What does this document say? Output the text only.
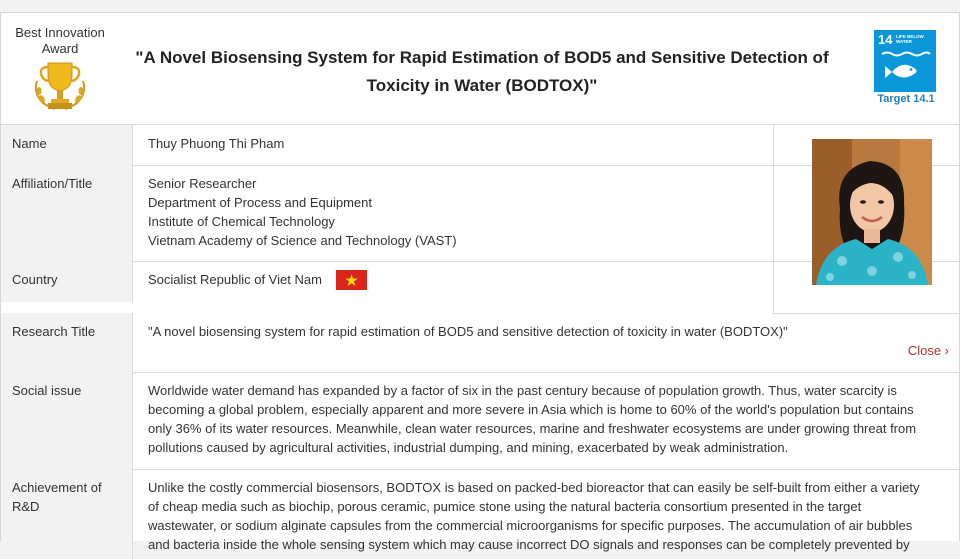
Best Innovation Award	"A Novel Biosensing System for Rapid Estimation of BOD5 and Sensitive Detection of Toxicity in Water (BODTOX)"
14 LIFE BELOW WATER
Target 14.1
Name	Thuy Phuong Thi Pham
Affiliation/Title	Senior Researcher
Department of Process and Equipment
Institute of Chemical Technology
Vietnam Academy of Science and Technology (VAST)
Country	Socialist Republic of Viet Nam
Research Title	"A novel biosensing system for rapid estimation of BOD5 and sensitive detection of toxicity in water (BODTOX)"
Close ›
Social issue	Worldwide water demand has expanded by a factor of six in the past century because of population growth. Thus, water scarcity is
becoming a global problem, especially apparent and more severe in Asia which is home to 60% of the world's population but contains
only 36% of its water resources. Meanwhile, clean water resources, marine and freshwater ecosystems are under growing threat from
pollutions caused by agricultural activities, industrial dumping, and mining, exacerbated by weak administration.
Achievement of
R&D
Unlike the costly commercial biosensors, BODTOX is based on packed-bed bioreactor that can easily be self-built from either a variety
of cheap media such as biochip, porous ceramic, pumice stone using the natural bacteria consortium presented in the target
wastewater, or sodium alginate capsules from the commercial microorganisms for specific purposes. The accumulation of air bubbles
and bacteria inside the whole sensing system which may cause incorrect DO signals and responses can be completely prevented by
